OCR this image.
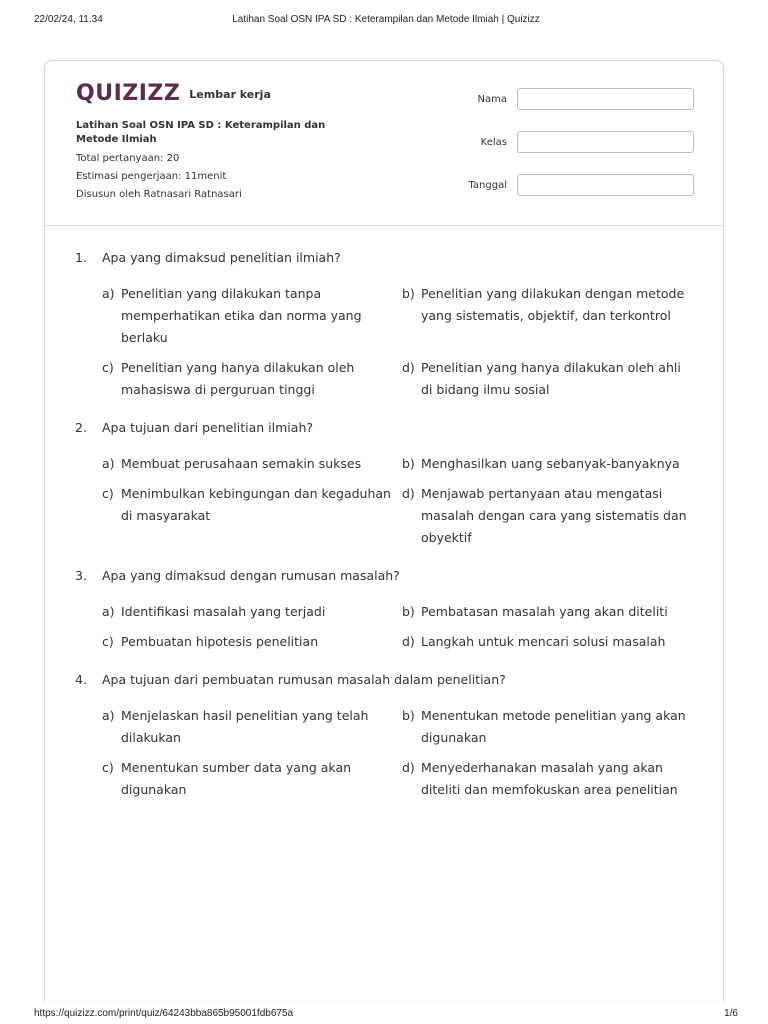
22/02/24, 11.34	Latihan Soal OSN IPA SD : Keterampilan dan Metode Ilmiah | Quizizz
QUIZIZZ Lembar kerja
Latihan Soal OSN IPA SD : Keterampilan dan Metode Ilmiah
Total pertanyaan: 20
Estimasi pengerjaan: 11menit
Disusun oleh Ratnasari Ratnasari
Nama
Kelas
Tanggal
1.	Apa yang dimaksud penelitian ilmiah?
a) Penelitian yang dilakukan tanpa memperhatikan etika dan norma yang berlaku
b) Penelitian yang dilakukan dengan metode yang sistematis, objektif, dan terkontrol
c) Penelitian yang hanya dilakukan oleh mahasiswa di perguruan tinggi
d) Penelitian yang hanya dilakukan oleh ahli di bidang ilmu sosial
2.	Apa tujuan dari penelitian ilmiah?
a) Membuat perusahaan semakin sukses	b) Menghasilkan uang sebanyak-banyaknya
c) Menimbulkan kebingungan dan kegaduhan di masyarakat
d) Menjawab pertanyaan atau mengatasi masalah dengan cara yang sistematis dan obyektif
3.	Apa yang dimaksud dengan rumusan masalah?
a) Identifikasi masalah yang terjadi	b) Pembatasan masalah yang akan diteliti
c) Pembuatan hipotesis penelitian	d) Langkah untuk mencari solusi masalah
4.	Apa tujuan dari pembuatan rumusan masalah dalam penelitian?
a) Menjelaskan hasil penelitian yang telah dilakukan
b) Menentukan metode penelitian yang akan digunakan
c) Menentukan sumber data yang akan digunakan
d) Menyederhanakan masalah yang akan diteliti dan memfokuskan area penelitian
https://quizizz.com/print/quiz/64243bba865b95001fdb675a	1/6
